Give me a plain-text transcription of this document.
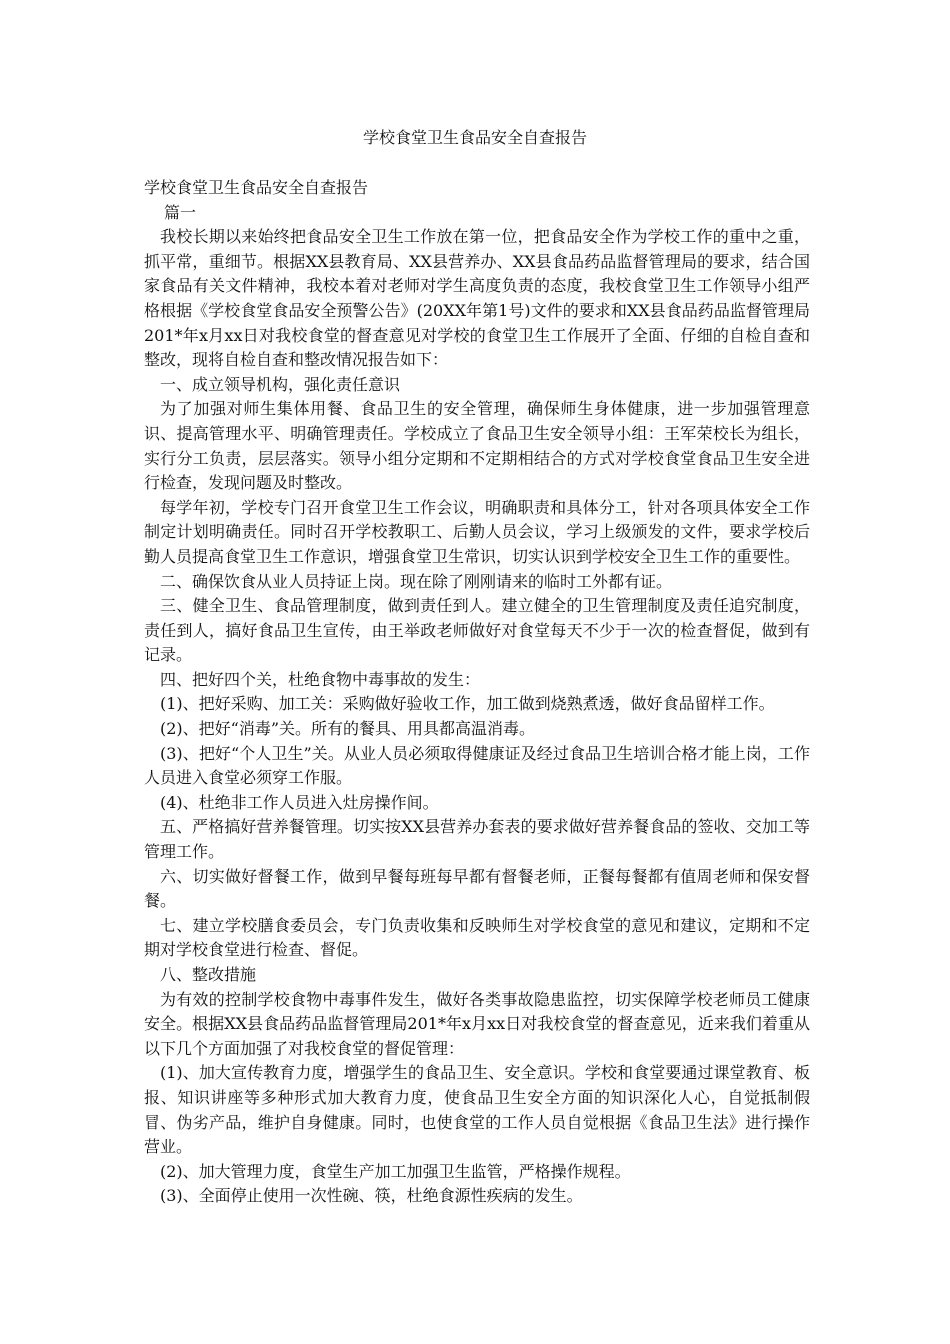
学校食堂卫生食品安全自查报告

学校食堂卫生食品安全自查报告

篇一

我校长期以来始终把食品安全卫生工作放在第一位，把食品安全作为学校工作的重中之重，抓平常，重细节。根据XX县教育局、XX县营养办、XX县食品药品监督管理局的要求，结合国家食品有关文件精神，我校本着对老师对学生高度负责的态度，我校食堂卫生工作领导小组严格根据《学校食堂食品安全预警公告》(20XX年第1号)文件的要求和XX县食品药品监督管理局201*年x月xx日对我校食堂的督查意见对学校的食堂卫生工作展开了全面、仔细的自检自查和整改，现将自检自查和整改情况报告如下：

一、成立领导机构，强化责任意识

为了加强对师生集体用餐、食品卫生的安全管理，确保师生身体健康，进一步加强管理意识、提高管理水平、明确管理责任。学校成立了食品卫生安全领导小组：王军荣校长为组长，实行分工负责，层层落实。领导小组分定期和不定期相结合的方式对学校食堂食品卫生安全进行检查，发现问题及时整改。

每学年初，学校专门召开食堂卫生工作会议，明确职责和具体分工，针对各项具体安全工作制定计划明确责任。同时召开学校教职工、后勤人员会议，学习上级颁发的文件，要求学校后勤人员提高食堂卫生工作意识，增强食堂卫生常识，切实认识到学校安全卫生工作的重要性。

二、确保饮食从业人员持证上岗。现在除了刚刚请来的临时工外都有证。

三、健全卫生、食品管理制度，做到责任到人。建立健全的卫生管理制度及责任追究制度，责任到人，搞好食品卫生宣传，由王举政老师做好对食堂每天不少于一次的检查督促，做到有记录。

四、把好四个关，杜绝食物中毒事故的发生：

(1)、把好采购、加工关：采购做好验收工作，加工做到烧熟煮透，做好食品留样工作。

(2)、把好“消毒”关。所有的餐具、用具都高温消毒。

(3)、把好“个人卫生”关。从业人员必须取得健康证及经过食品卫生培训合格才能上岗，工作人员进入食堂必须穿工作服。

(4)、杜绝非工作人员进入灶房操作间。

五、严格搞好营养餐管理。切实按XX县营养办套表的要求做好营养餐食品的签收、交加工等管理工作。

六、切实做好督餐工作，做到早餐每班每早都有督餐老师，正餐每餐都有值周老师和保安督餐。

七、建立学校膳食委员会，专门负责收集和反映师生对学校食堂的意见和建议，定期和不定期对学校食堂进行检查、督促。

八、整改措施

为有效的控制学校食物中毒事件发生，做好各类事故隐患监控，切实保障学校老师员工健康安全。根据XX县食品药品监督管理局201*年x月xx日对我校食堂的督查意见，近来我们着重从以下几个方面加强了对我校食堂的督促管理：

(1)、加大宣传教育力度，增强学生的食品卫生、安全意识。学校和食堂要通过课堂教育、板报、知识讲座等多种形式加大教育力度，使食品卫生安全方面的知识深化人心，自觉抵制假冒、伪劣产品，维护自身健康。同时，也使食堂的工作人员自觉根据《食品卫生法》进行操作营业。

(2)、加大管理力度，食堂生产加工加强卫生监管，严格操作规程。

(3)、全面停止使用一次性碗、筷，杜绝食源性疾病的发生。
